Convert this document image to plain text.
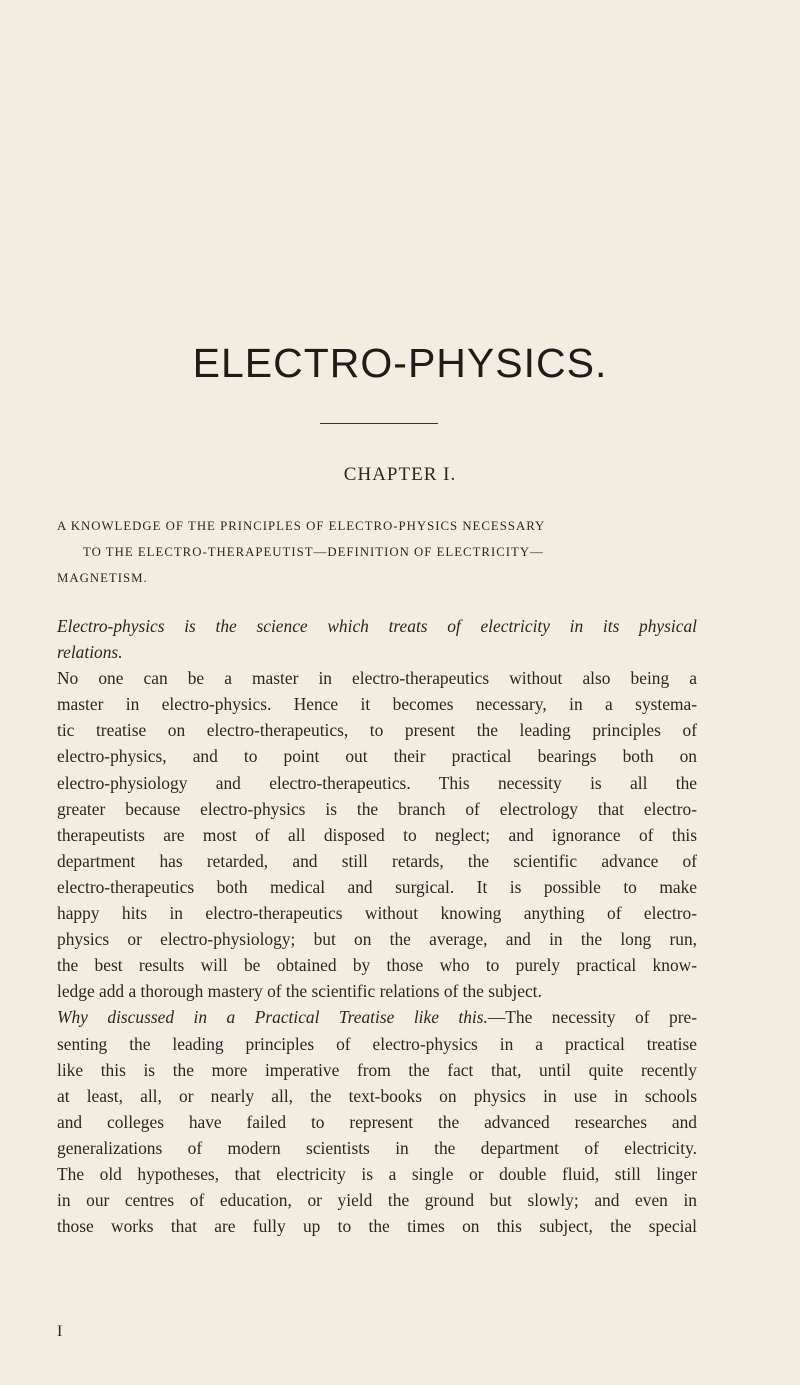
ELECTRO-PHYSICS.
CHAPTER I.
A KNOWLEDGE OF THE PRINCIPLES OF ELECTRO-PHYSICS NECESSARY
TO THE ELECTRO-THERAPEUTIST—DEFINITION OF ELECTRICITY—
MAGNETISM.
Electro-physics is the science which treats of electricity in its physical
relations.
No one can be a master in electro-therapeutics without also being a
master in electro-physics. Hence it becomes necessary, in a systema-
tic treatise on electro-therapeutics, to present the leading principles of
electro-physics, and to point out their practical bearings both on
electro-physiology and electro-therapeutics. This necessity is all the
greater because electro-physics is the branch of electrology that electro-
therapeutists are most of all disposed to neglect; and ignorance of this
department has retarded, and still retards, the scientific advance of
electro-therapeutics both medical and surgical. It is possible to make
happy hits in electro-therapeutics without knowing anything of electro-
physics or electro-physiology; but on the average, and in the long run,
the best results will be obtained by those who to purely practical know-
ledge add a thorough mastery of the scientific relations of the subject.
Why discussed in a Practical Treatise like this.—The necessity of pre-
senting the leading principles of electro-physics in a practical treatise
like this is the more imperative from the fact that, until quite recently
at least, all, or nearly all, the text-books on physics in use in schools
and colleges have failed to represent the advanced researches and
generalizations of modern scientists in the department of electricity.
The old hypotheses, that electricity is a single or double fluid, still linger
in our centres of education, or yield the ground but slowly; and even in
those works that are fully up to the times on this subject, the special
I
